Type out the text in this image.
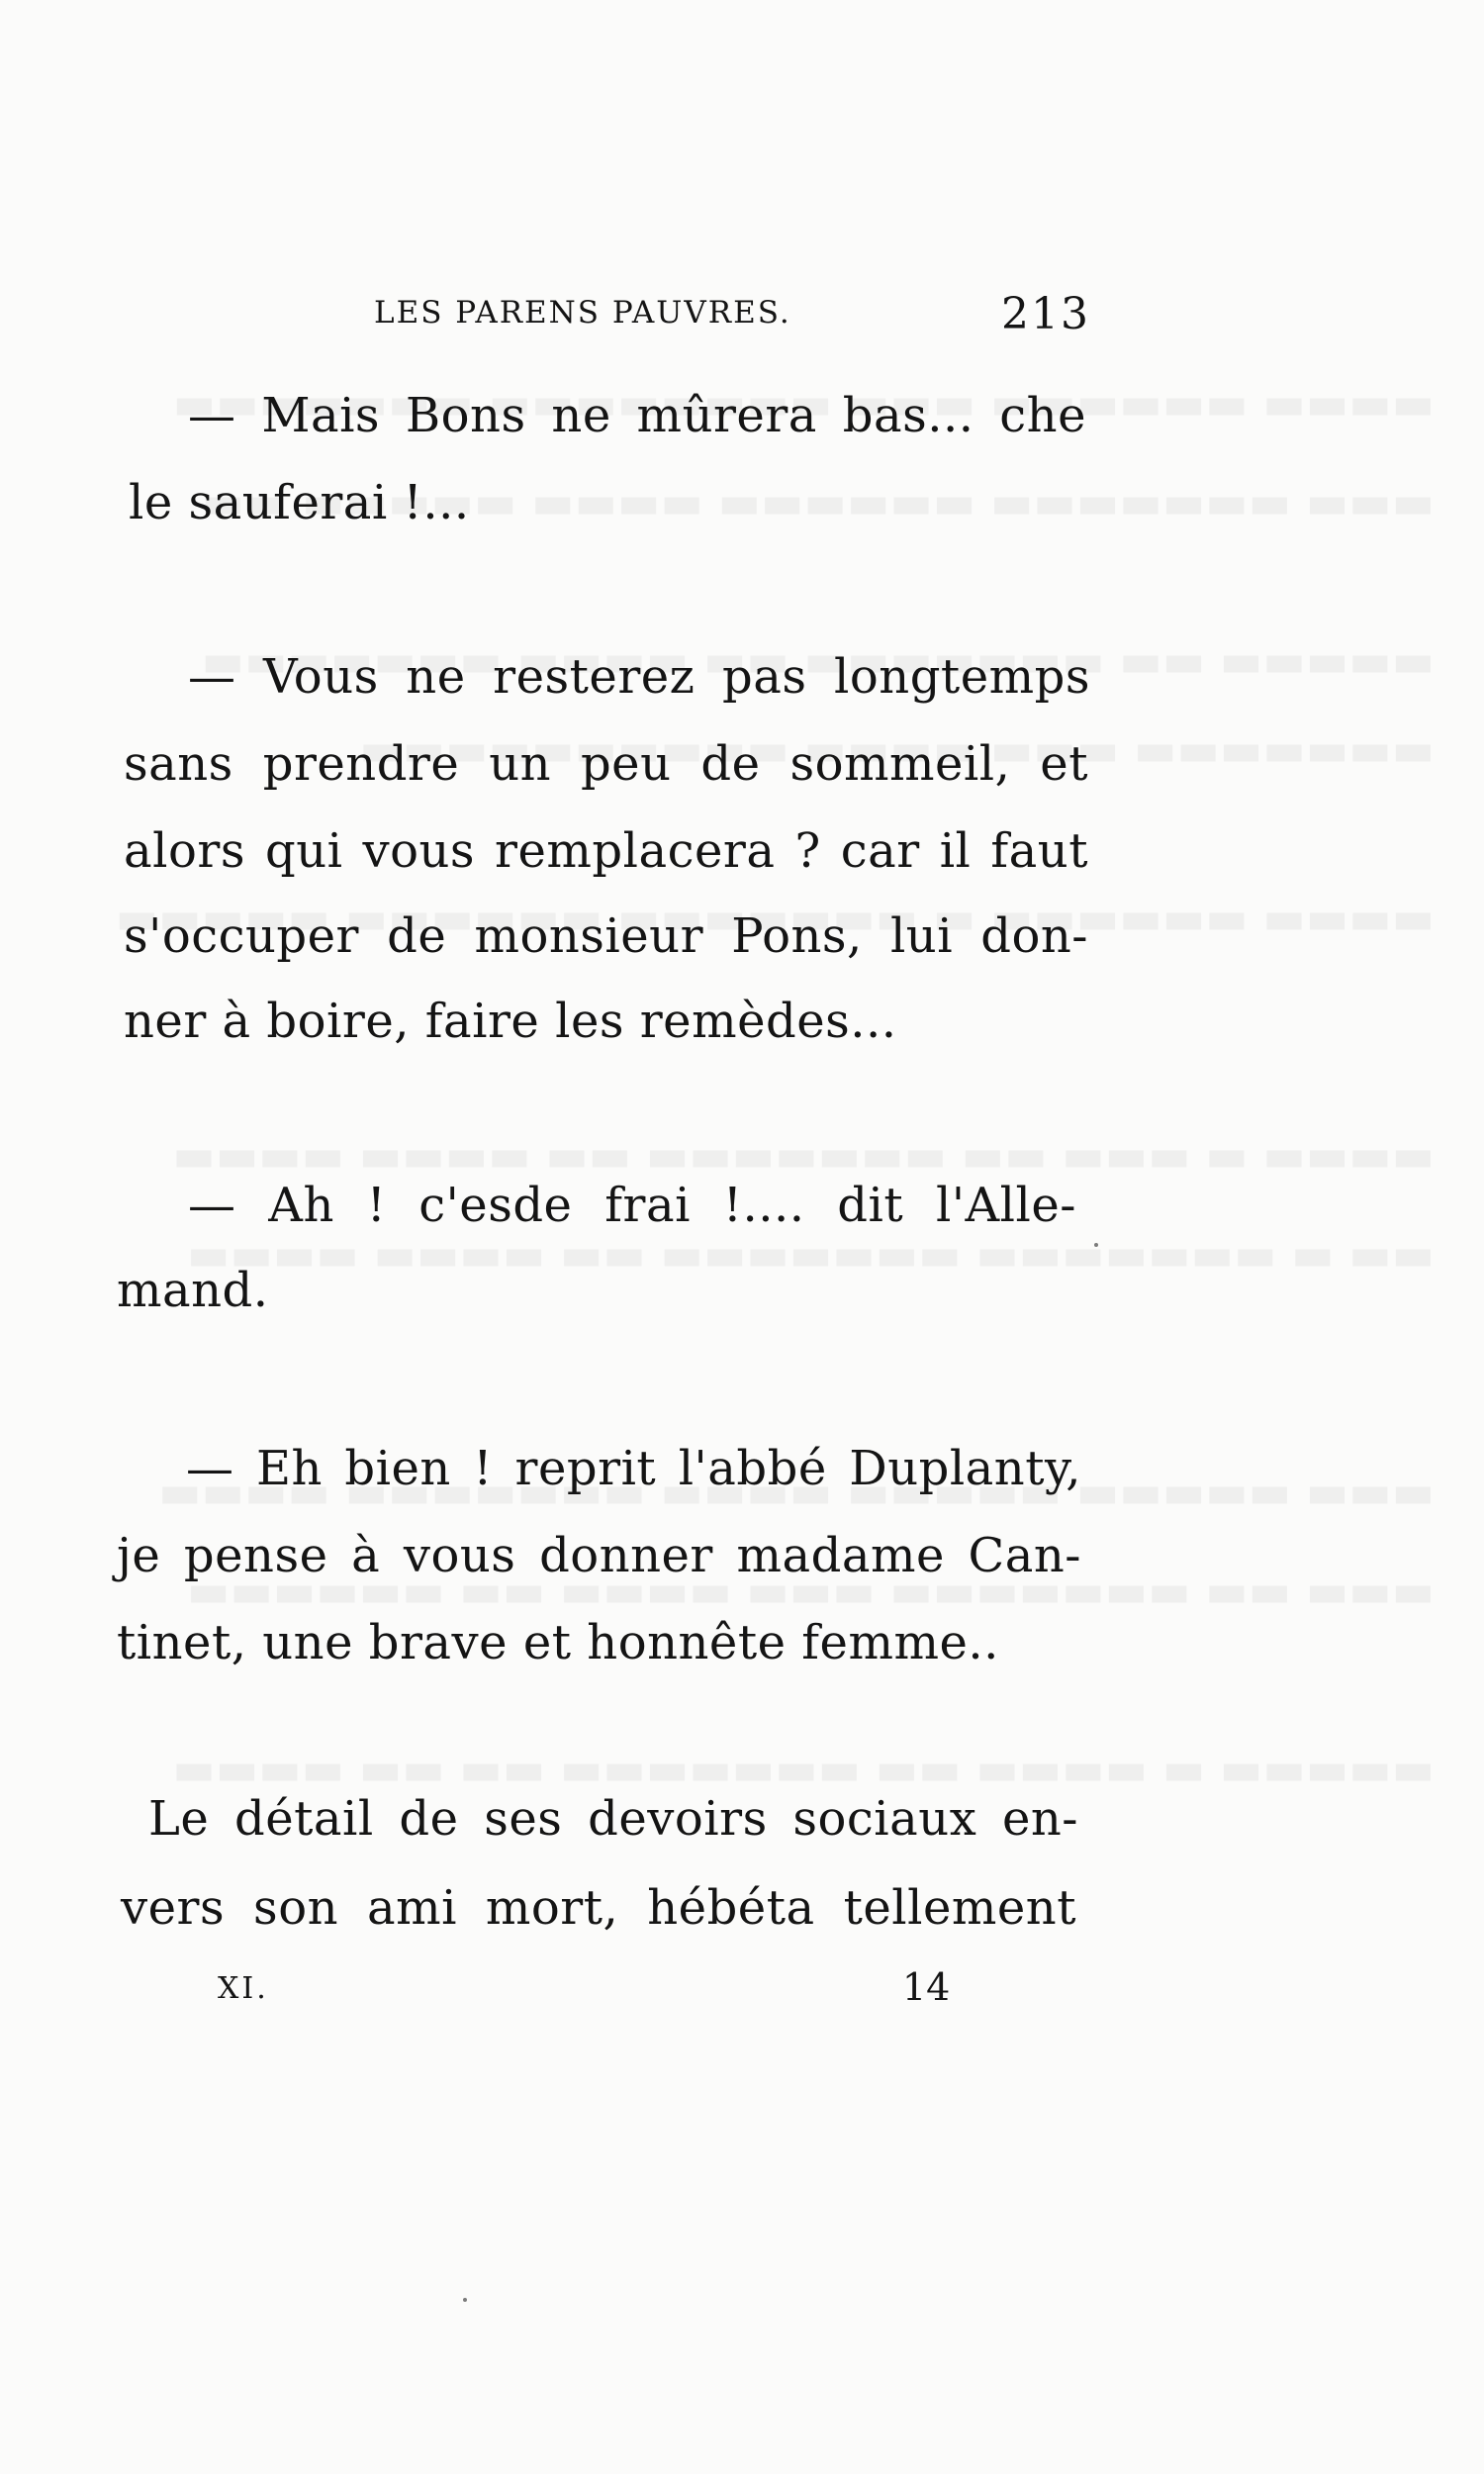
LES PARENS PAUVRES.	213
— Mais Bons ne mûrera bas... che
le sauferai !...
— Vous ne resterez pas longtemps
sans prendre un peu de sommeil, et
alors qui vous remplacera ? car il faut
s'occuper de monsieur Pons, lui don-
ner à boire, faire les remèdes...
— Ah ! c'esde frai !.... dit l'Alle-
mand.
— Eh bien ! reprit l'abbé Duplanty,
je pense à vous donner madame Can-
tinet, une brave et honnête femme..
Le détail de ses devoirs sociaux en-
vers son ami mort, hébéta tellement
XI.	14
